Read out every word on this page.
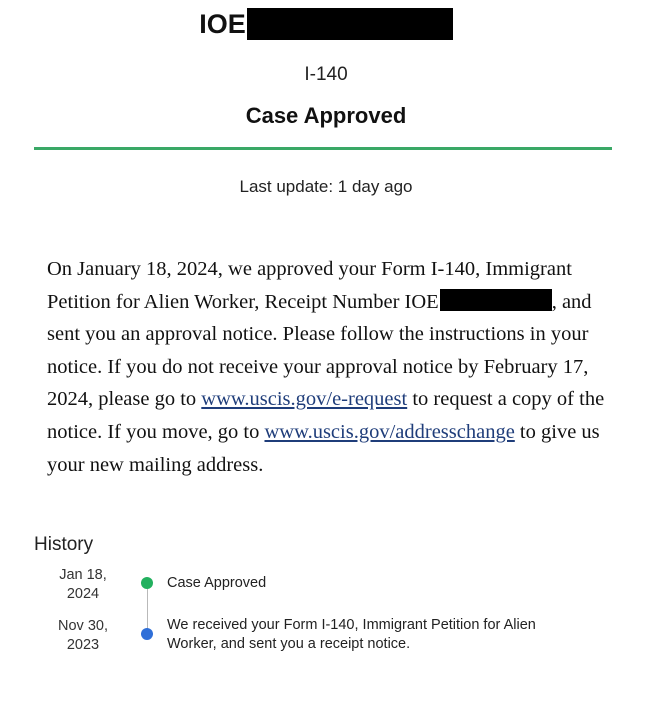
IOE
I-140
Case Approved
Last update: 1 day ago
On January 18, 2024, we approved your Form I-140, Immigrant Petition for Alien Worker, Receipt Number IOE	, and sent you an approval notice. Please follow the instructions in your notice. If you do not receive your approval notice by February 17, 2024, please go to www.uscis.gov/e-request to request a copy of the notice. If you move, go to www.uscis.gov/addresschange to give us your new mailing address.
History
Jan 18,
2024
Case Approved
Nov 30,
2023
We received your Form I-140, Immigrant Petition for Alien Worker, and sent you a receipt notice.
